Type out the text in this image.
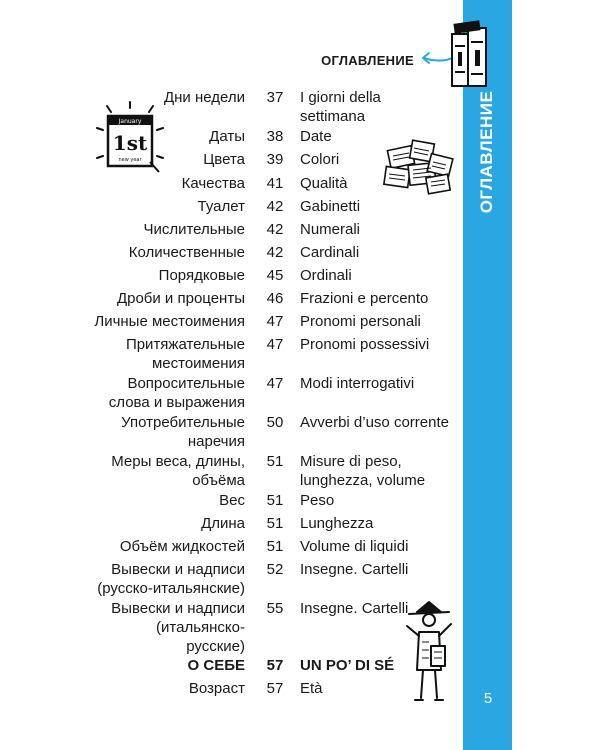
ОГЛАВЛЕНИЕ
5
ОГЛАВЛЕНИЕ
January
1st
new year
Дни недели	37	I giorni della
settimana
Даты	38	Date
Цвета	39	Colori
Качества	41	Qualità
Туалет	42	Gabinetti
Числительные	42	Numerali
Количественные	42	Cardinali
Порядковые	45	Ordinali
Дроби и проценты	46	Frazioni e percento
Личные местоимения	47	Pronomi personali
Притяжательные
местоимения
47	Pronomi possessivi
Вопросительные
слова и выражения
47	Modi interrogativi
Употребительные
наречия
50	Avverbi d’uso corrente
Меры веса, длины,
объёма
51	Misure di peso,
lunghezza, volume
Вес	51	Peso
Длина	51	Lunghezza
Объём жидкостей	51	Volume di liquidi
Вывески и надписи
(русско-итальянские)
52	Insegne. Cartelli
Вывески и надписи
(итальянско-
русские)
55	Insegne. Cartelli
О СЕБЕ	57	UN PO’ DI SÉ
Возраст	57	Età
